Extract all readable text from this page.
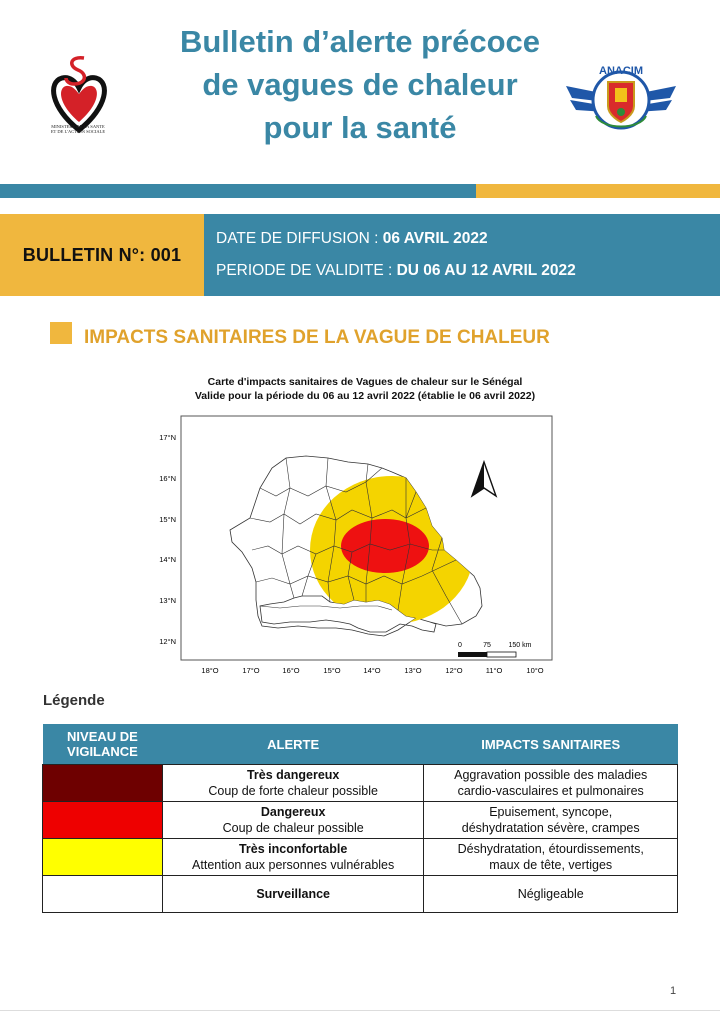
MINISTERE DE LA SANTE
ET DE L'ACTION SOCIALE
Bulletin d’alerte précoce
de vagues de chaleur
pour la santé
ANACIM
BULLETIN N°: 001
DATE DE DIFFUSION : 06 AVRIL 2022
PERIODE DE VALIDITE : DU 06 AU 12 AVRIL 2022
IMPACTS SANITAIRES DE LA VAGUE DE CHALEUR
Carte d'impacts sanitaires de Vagues de chaleur sur le Sénégal
Valide pour la période du 06 au 12 avril 2022 (établie le 06 avril 2022)
0	75	150 km
17°N
16°N
15°N
14°N
13°N
12°N
18°O	17°O	16°O	15°O	14°O	13°O	12°O	11°O	10°O
Légende
NIVEAU DE VIGILANCE	ALERTE	IMPACTS SANITAIRES
	Très dangereux
Coup de forte chaleur possible	Aggravation possible des maladies
cardio-vasculaires et pulmonaires
	Dangereux
Coup de chaleur possible	Epuisement, syncope,
déshydratation sévère, crampes
	Très inconfortable
Attention aux personnes vulnérables	Déshydratation, étourdissements,
maux de tête, vertiges
	Surveillance	Négligeable
1
